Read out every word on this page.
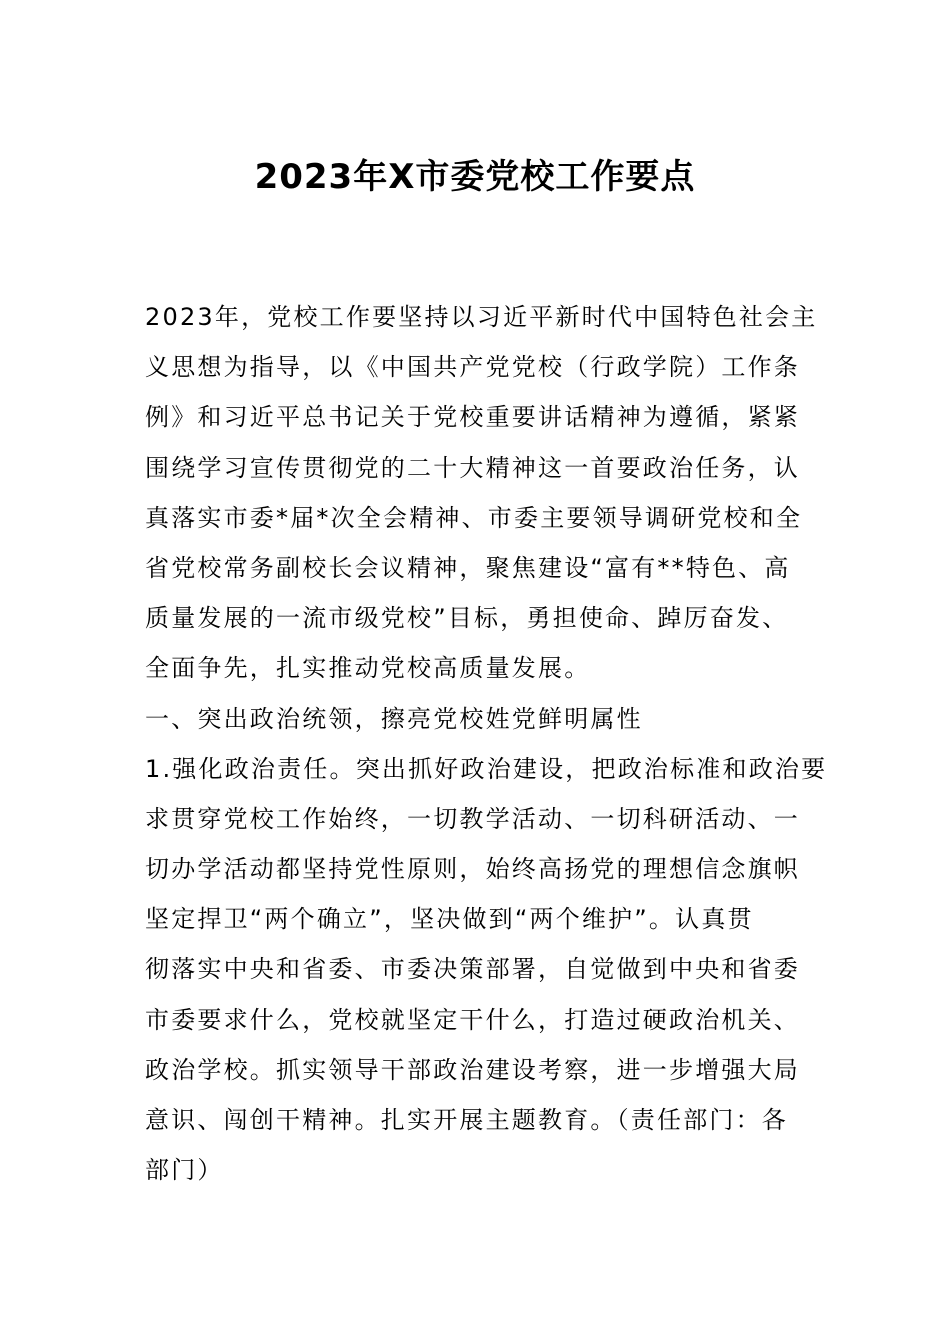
2023年X市委党校工作要点
2023年，党校工作要坚持以习近平新时代中国特色社会主
义思想为指导，以《中国共产党党校（行政学院）工作条
例》和习近平总书记关于党校重要讲话精神为遵循，紧紧
围绕学习宣传贯彻党的二十大精神这一首要政治任务，认
真落实市委*届*次全会精神、市委主要领导调研党校和全
省党校常务副校长会议精神，聚焦建设“富有**特色、高
质量发展的一流市级党校”目标，勇担使命、踔厉奋发、
全面争先，扎实推动党校高质量发展。
一、突出政治统领，擦亮党校姓党鲜明属性
1.强化政治责任。突出抓好政治建设，把政治标准和政治要
求贯穿党校工作始终，一切教学活动、一切科研活动、一
切办学活动都坚持党性原则，始终高扬党的理想信念旗帜
坚定捍卫“两个确立”，坚决做到“两个维护”。认真贯
彻落实中央和省委、市委决策部署，自觉做到中央和省委
市委要求什么，党校就坚定干什么，打造过硬政治机关、
政治学校。抓实领导干部政治建设考察，进一步增强大局
意识、闯创干精神。扎实开展主题教育。（责任部门：各
部门）
